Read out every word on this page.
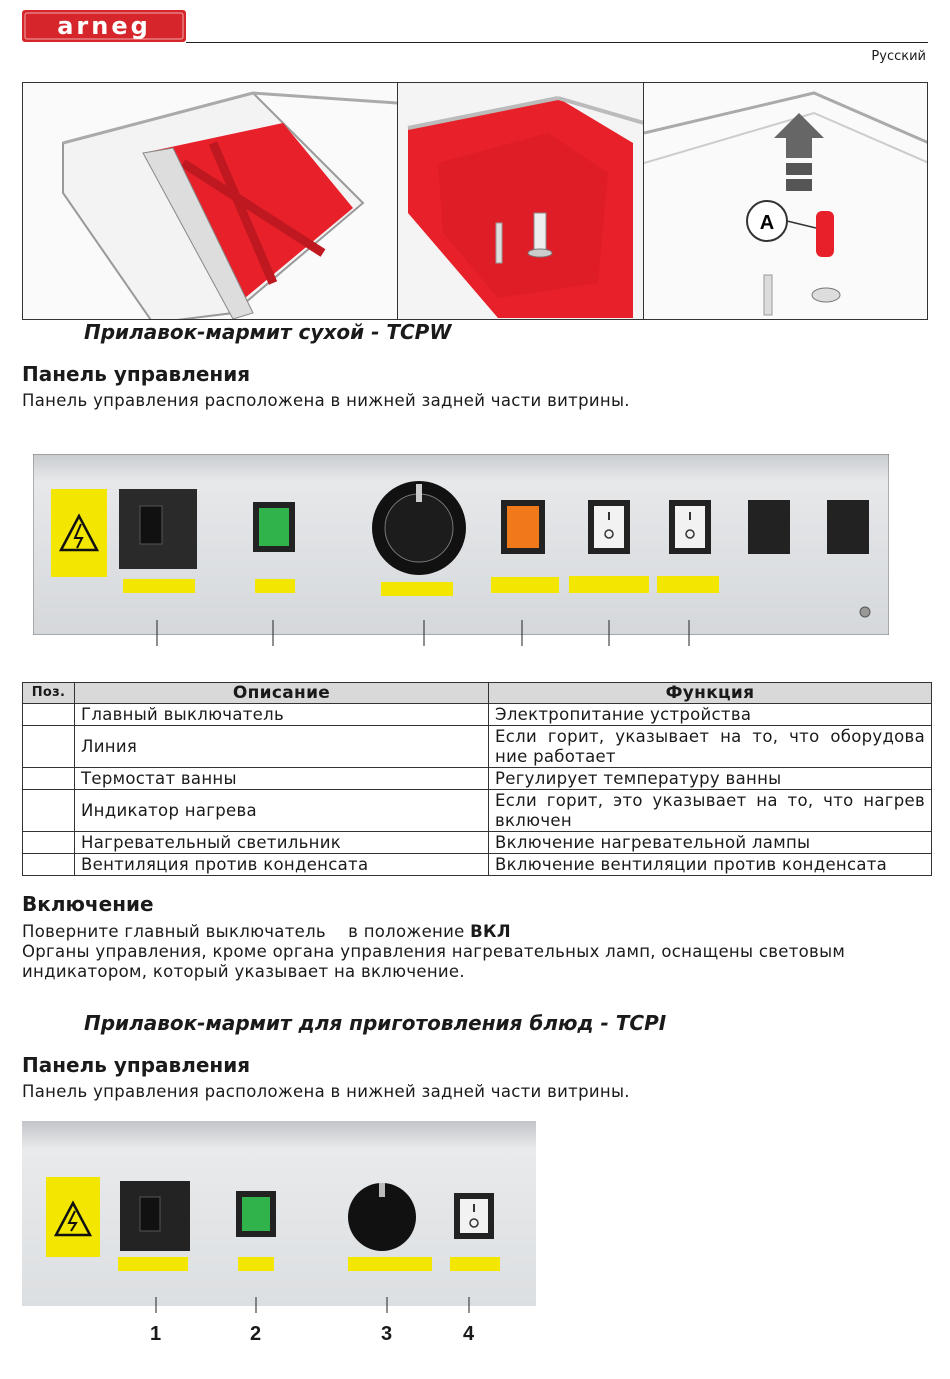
arneg
Русский
A
Прилавок-мармит сухой - TCPW
Панель управления
Панель управления расположена в нижней задней части витрины.
Поз.	Описание	Функция
	Главный выключатель	Электропитание устройства
	Линия	Если горит, указывает на то, что оборудова ние работает
	Термостат ванны	Регулирует температуру ванны
	Индикатор нагрева	Если горит, это указывает на то, что нагрев включен
	Нагревательный светильник	Включение нагревательной лампы
	Вентиляция против конденсата	Включение вентиляции против конденсата
Включение
Поверните главный выключатель    в положение ВКЛ
Органы управления, кроме органа управления нагревательных ламп, оснащены световым
индикатором, который указывает на включение.
Прилавок-мармит для приготовления блюд - TCPI
Панель управления
Панель управления расположена в нижней задней части витрины.
1	2	3	4
